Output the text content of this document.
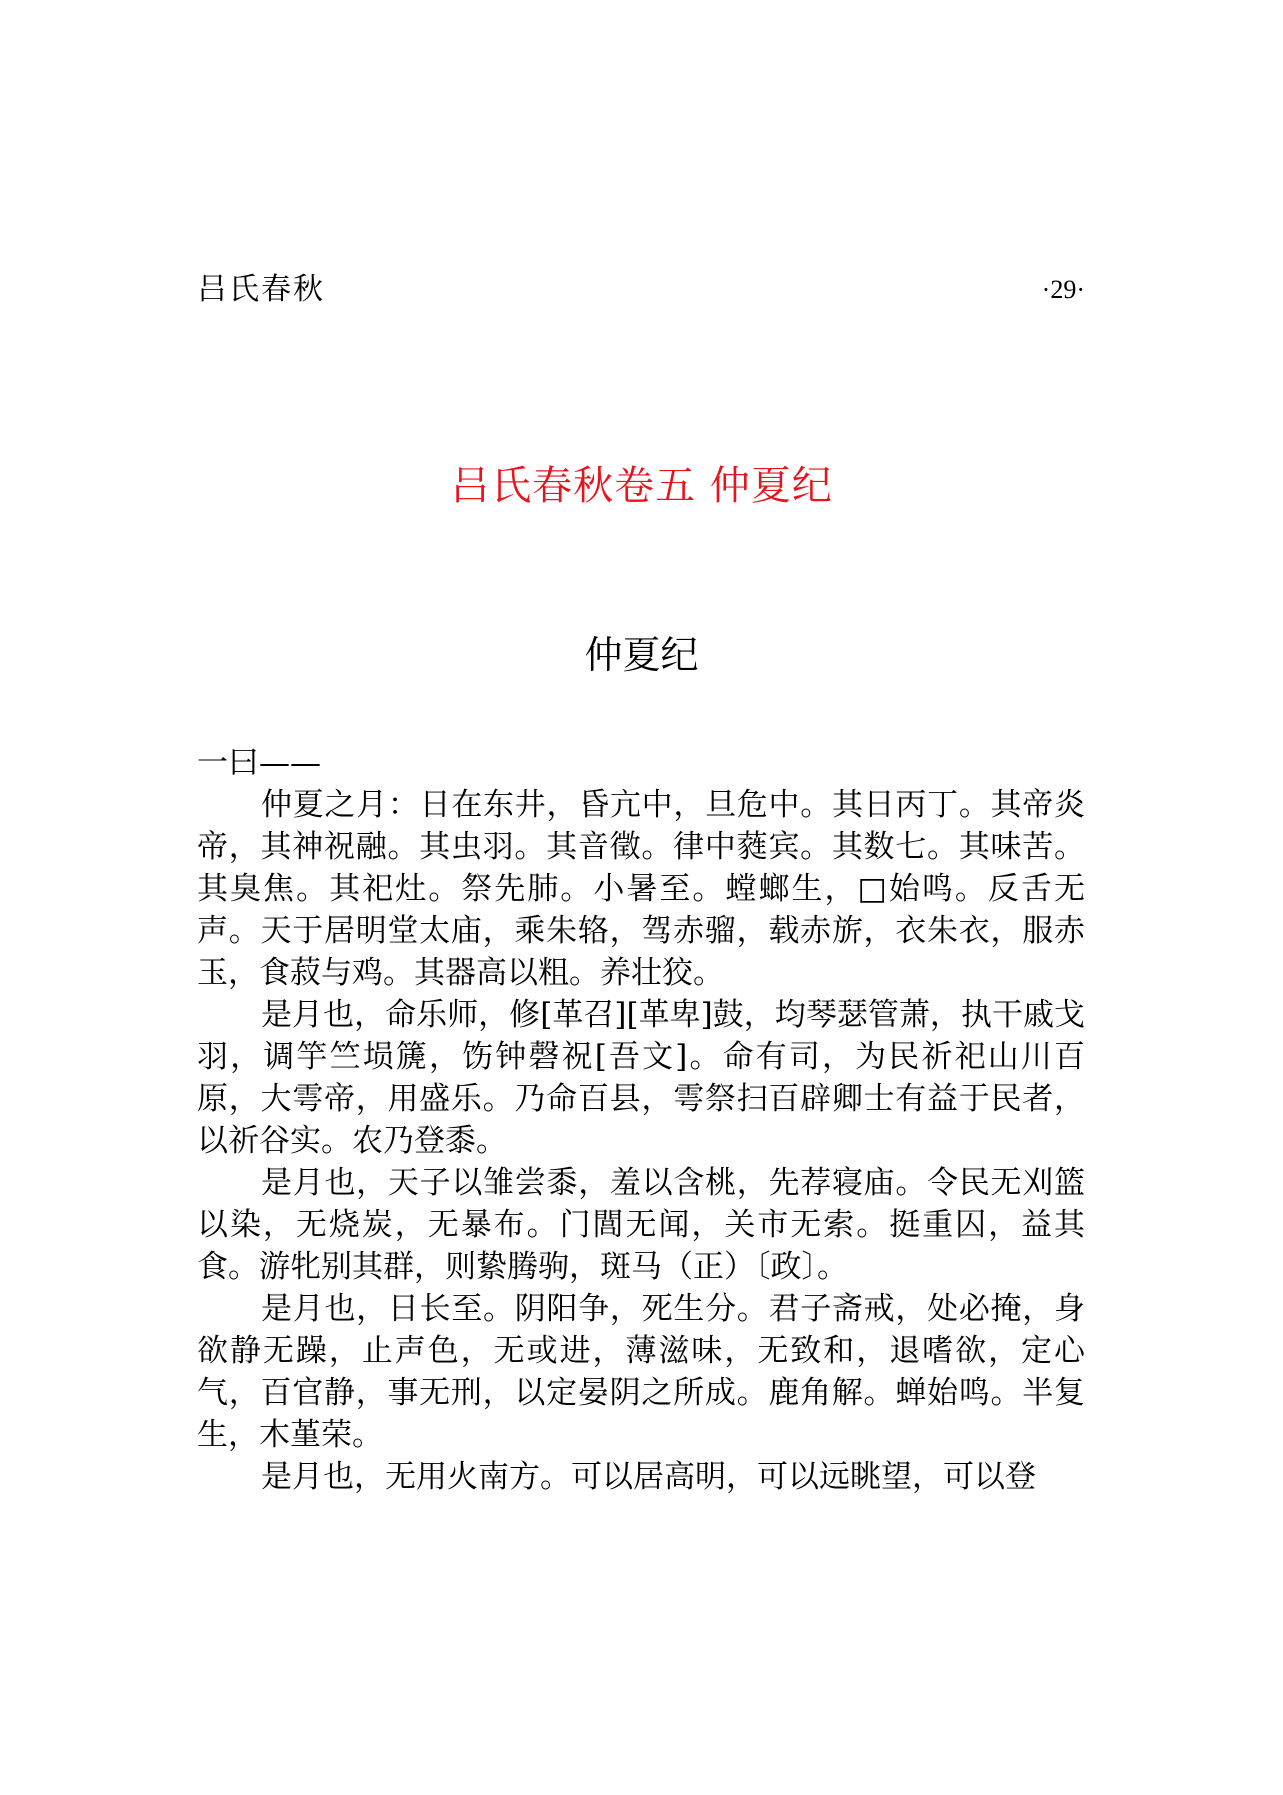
吕氏春秋	·29·
吕氏春秋卷五 仲夏纪
仲夏纪

一曰——

仲夏之月：日在东井，昏亢中，旦危中。其日丙丁。其帝炎帝，其神祝融。其虫羽。其音徵。律中蕤宾。其数七。其味苦。其臭焦。其祀灶。祭先肺。小暑至。螳螂生，□始鸣。反舌无声。天于居明堂太庙，乘朱辂，驾赤骝，载赤旂，衣朱衣，服赤玉，食菽与鸡。其器高以粗。养壮狡。

是月也，命乐师，修[革召][革卑]鼓，均琴瑟管萧，执干戚戈羽，调竽竺埙篪，饬钟磬祝[吾文]。命有司，为民祈祀山川百原，大雩帝，用盛乐。乃命百县，雩祭扫百辟卿士有益于民者，以祈谷实。农乃登黍。

是月也，天子以雏尝黍，羞以含桃，先荐寝庙。令民无刈篮以染，无烧炭，无暴布。门閭无闻，关市无索。挺重囚，益其食。游牝别其群，则絷腾驹，斑马（正）〔政〕。

是月也，日长至。阴阳争，死生分。君子斋戒，处必掩，身欲静无躁，止声色，无或进，薄滋味，无致和，退嗜欲，定心气，百官静，事无刑，以定晏阴之所成。鹿角解。蝉始鸣。半复生，木堇荣。

是月也，无用火南方。可以居高明，可以远眺望，可以登
